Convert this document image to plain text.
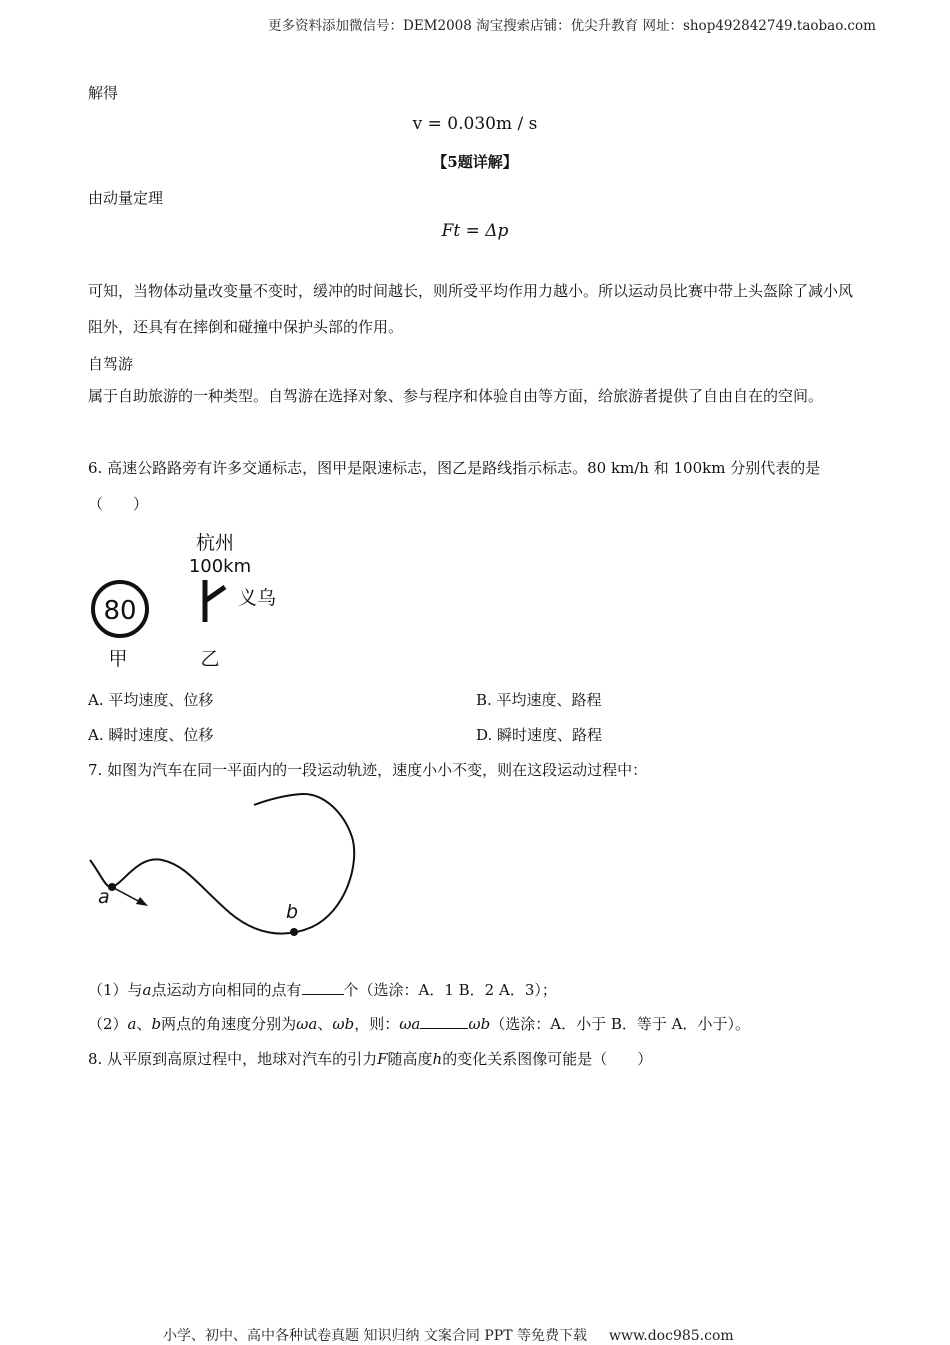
更多资料添加微信号：DEM2008 淘宝搜索店铺：优尖升教育 网址：shop492842749.taobao.com
解得
v = 0.030m / s
【5题详解】
由动量定理
Ft = Δp
可知，当物体动量改变量不变时，缓冲的时间越长，则所受平均作用力越小。所以运动员比赛中带上头盔除了减小风阻外，还具有在摔倒和碰撞中保护头部的作用。
自驾游
属于自助旅游的一种类型。自驾游在选择对象、参与程序和体验自由等方面，给旅游者提供了自由自在的空间。
6. 高速公路路旁有许多交通标志，图甲是限速标志，图乙是路线指示标志。80 km/h 和 100km 分别代表的是（　　）
80
甲
杭州
100km
义乌
乙
A. 平均速度、位移	B. 平均速度、路程
A. 瞬时速度、位移	D. 瞬时速度、路程
7. 如图为汽车在同一平面内的一段运动轨迹，速度小小不变，则在这段运动过程中：
a
b
（1）与a点运动方向相同的点有	个（选涂：A．1 B．2 A．3）；
（2）a、b两点的角速度分别为ωa、ωb，则：ωa	ωb（选涂：A．小于 B．等于 A．小于）。
8. 从平原到高原过程中，地球对汽车的引力F随高度h的变化关系图像可能是（　　）
小学、初中、高中各种试卷真题 知识归纳 文案合同 PPT 等免费下载 www.doc985.com
